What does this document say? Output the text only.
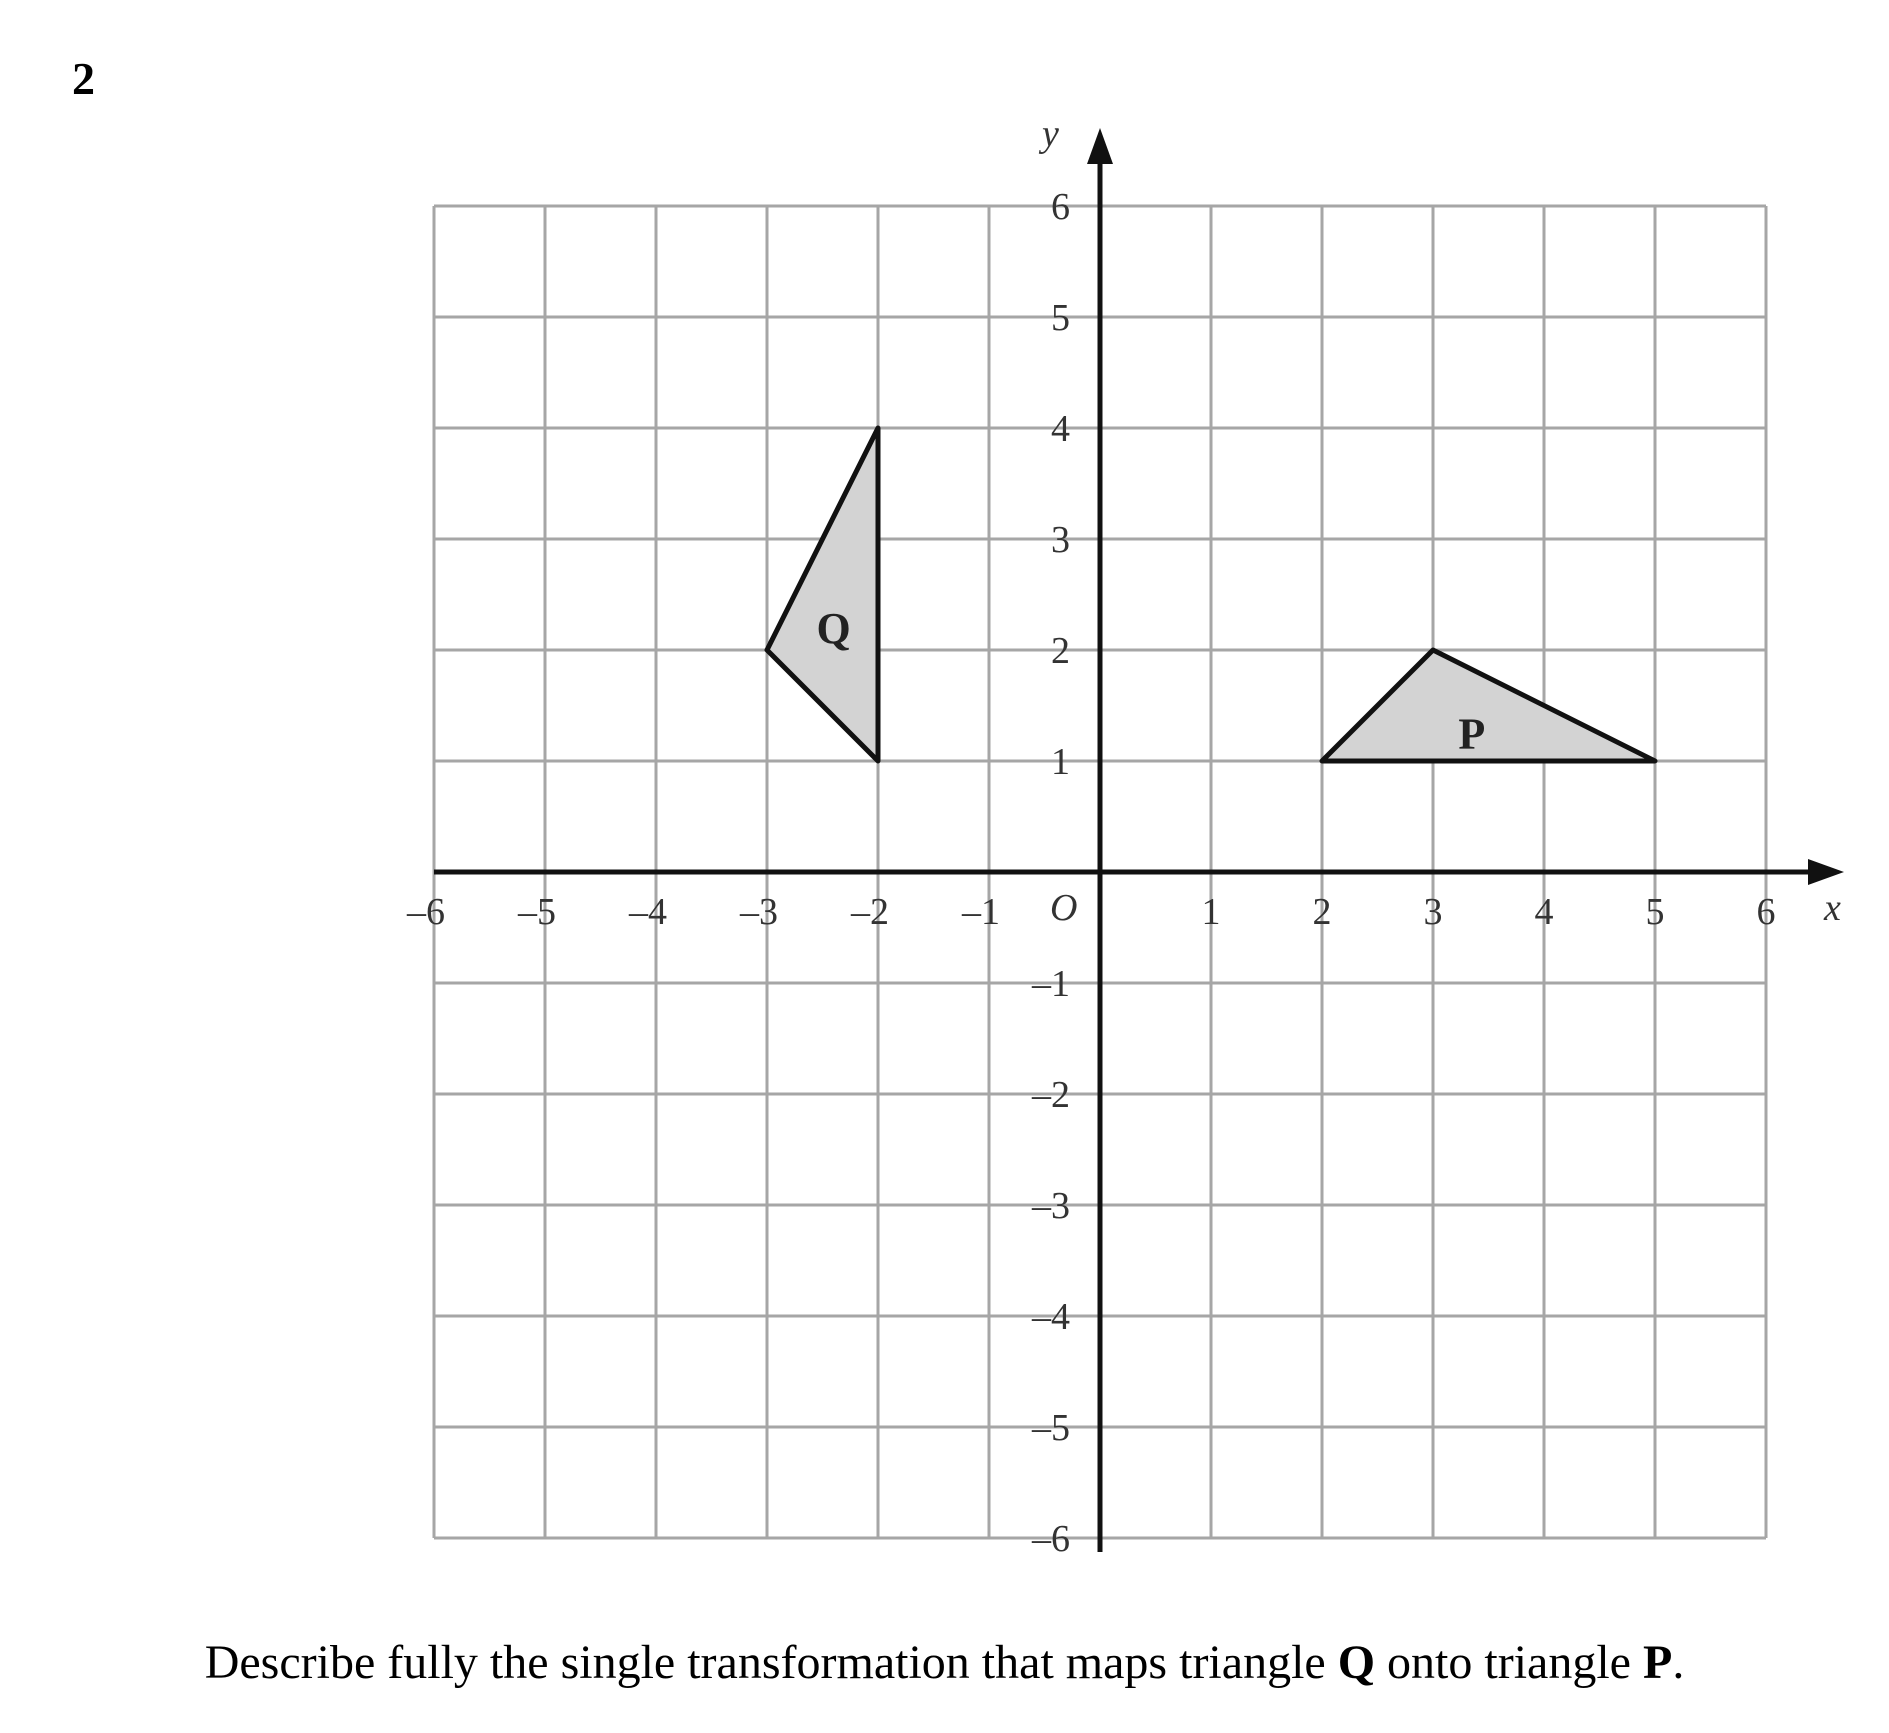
2
x
y
O
–6 –5 –4 –3 –2 –1	1 2 3 4 5 6
6
5
4
3
2
1
–1
–2
–3
–4
–5
–6
Q
P
Describe fully the single transformation that maps triangle Q onto triangle P.
